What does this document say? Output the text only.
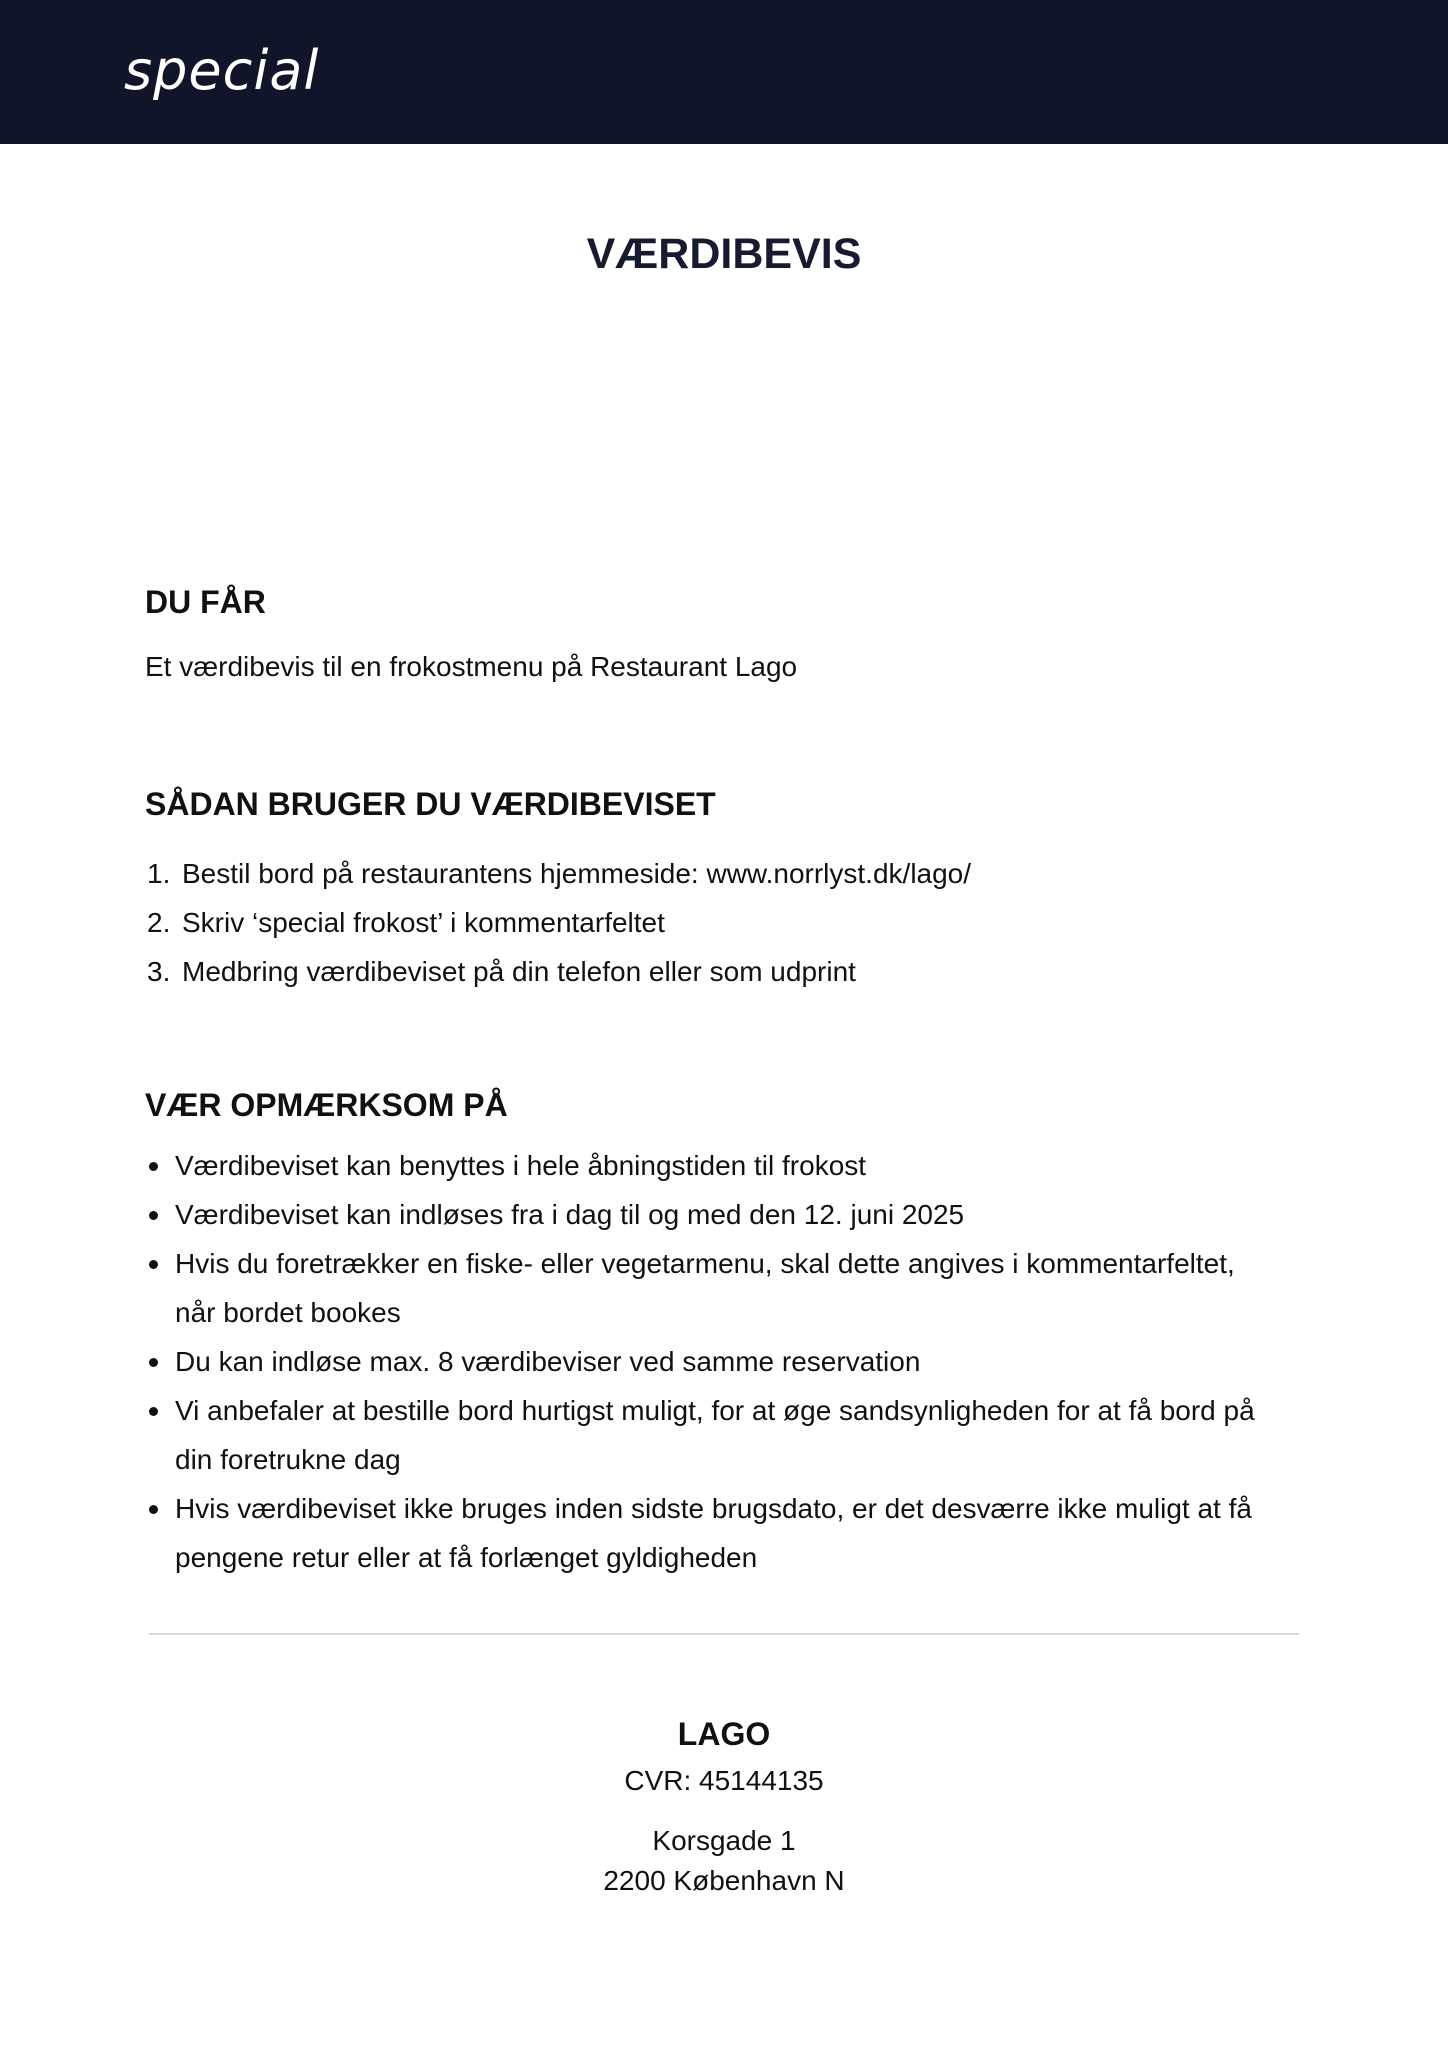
special
VÆRDIBEVIS
DU FÅR

Et værdibevis til en frokostmenu på Restaurant Lago

SÅDAN BRUGER DU VÆRDIBEVISET
1. Bestil bord på restaurantens hjemmeside: www.norrlyst.dk/lago/
2. Skriv ‘special frokost’ i kommentarfeltet
3. Medbring værdibeviset på din telefon eller som udprint
VÆR OPMÆRKSOM PÅ
Værdibeviset kan benyttes i hele åbningstiden til frokost
Værdibeviset kan indløses fra i dag til og med den 12. juni 2025
Hvis du foretrækker en fiske- eller vegetarmenu, skal dette angives i kommentarfeltet, når bordet bookes
Du kan indløse max. 8 værdibeviser ved samme reservation
Vi anbefaler at bestille bord hurtigst muligt, for at øge sandsynligheden for at få bord på din foretrukne dag
Hvis værdibeviset ikke bruges inden sidste brugsdato, er det desværre ikke muligt at få pengene retur eller at få forlænget gyldigheden

LAGO

CVR: 45144135

Korsgade 1
2200 København N
